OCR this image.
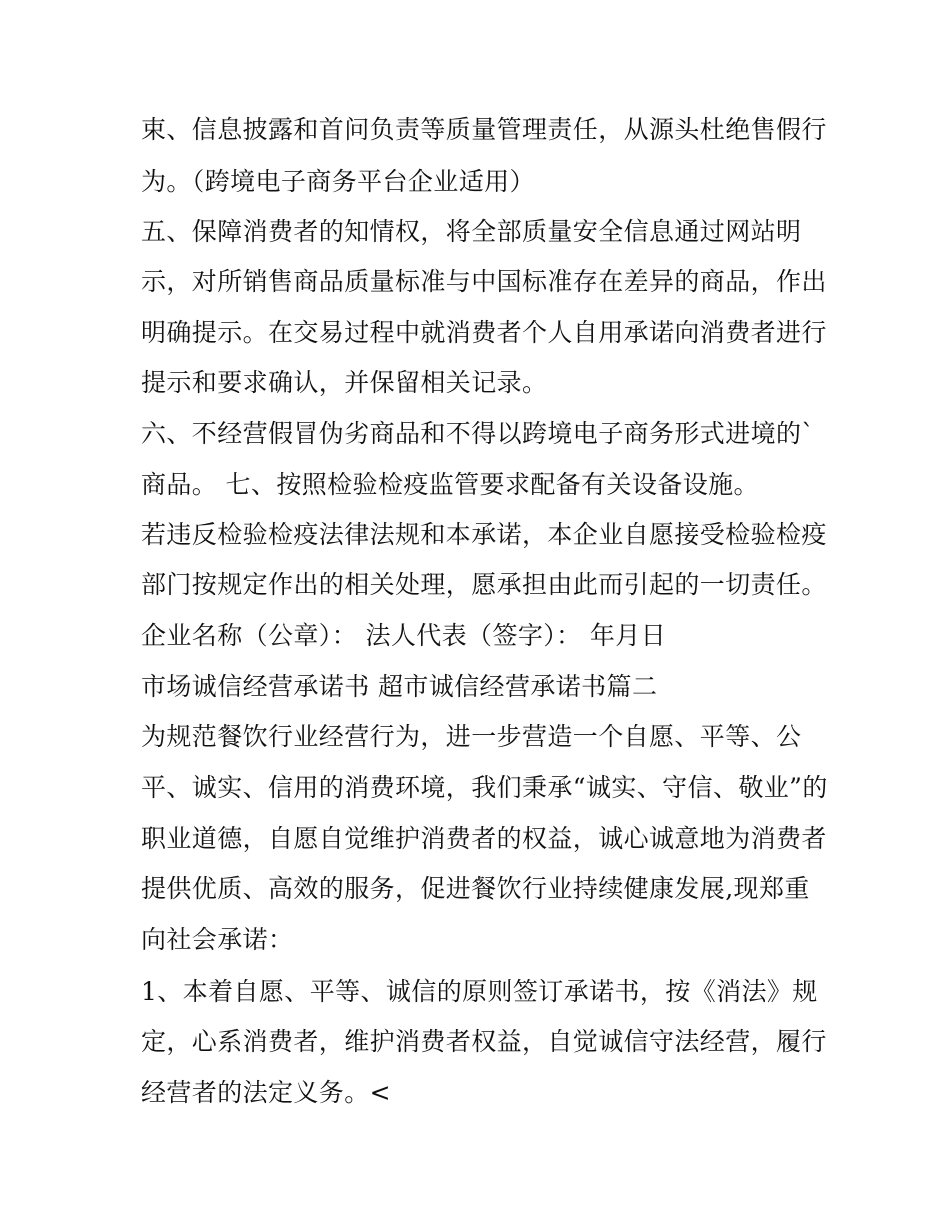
束、信息披露和首问负责等质量管理责任，从源头杜绝售假行
为。（跨境电子商务平台企业适用）
五、保障消费者的知情权，将全部质量安全信息通过网站明
示，对所销售商品质量标准与中国标准存在差异的商品，作出
明确提示。在交易过程中就消费者个人自用承诺向消费者进行
提示和要求确认，并保留相关记录。
六、不经营假冒伪劣商品和不得以跨境电子商务形式进境的`
商品。 七、按照检验检疫监管要求配备有关设备设施。
若违反检验检疫法律法规和本承诺，本企业自愿接受检验检疫
部门按规定作出的相关处理，愿承担由此而引起的一切责任。
企业名称（公章）： 法人代表（签字）： 年月日
市场诚信经营承诺书 超市诚信经营承诺书篇二
为规范餐饮行业经营行为，进一步营造一个自愿、平等、公
平、诚实、信用的消费环境，我们秉承“诚实、守信、敬业”的
职业道德，自愿自觉维护消费者的权益，诚心诚意地为消费者
提供优质、高效的服务，促进餐饮行业持续健康发展,现郑重
向社会承诺：
1、本着自愿、平等、诚信的原则签订承诺书，按《消法》规
定，心系消费者，维护消费者权益，自觉诚信守法经营，履行
经营者的法定义务。<
